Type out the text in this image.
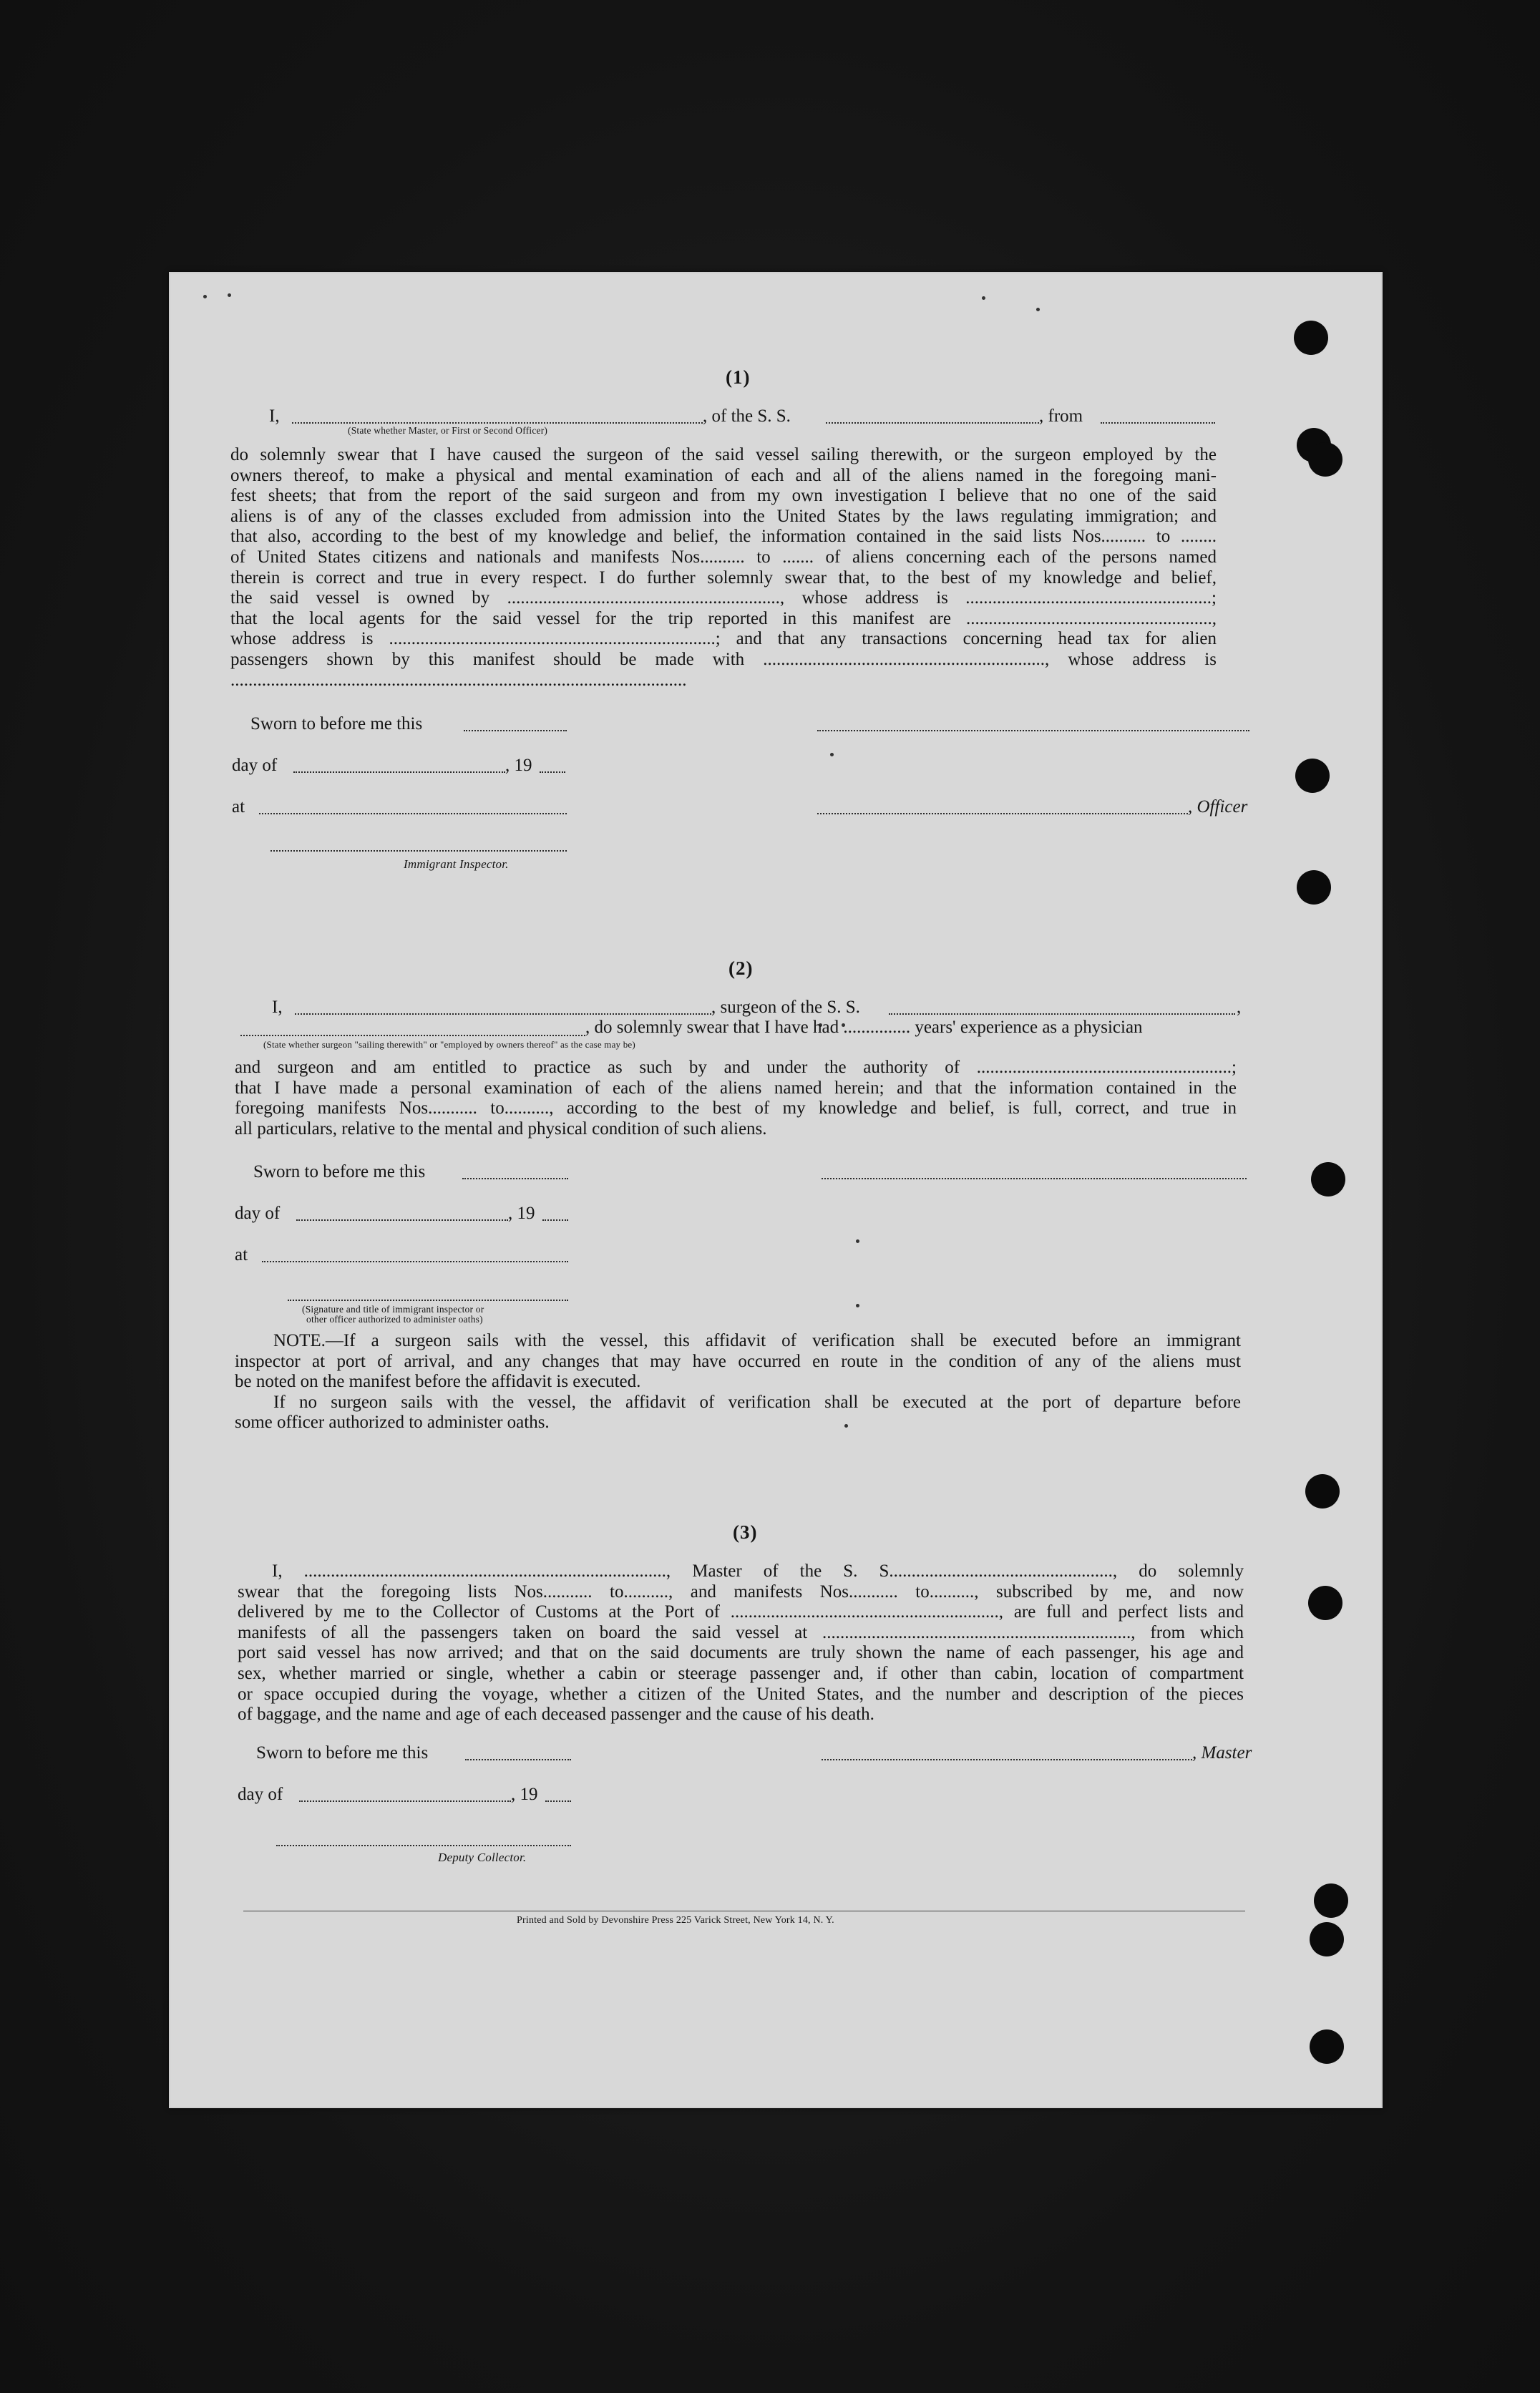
(1)
I,	, of the S. S.	, from
(State whether Master, or First or Second Officer)
do solemnly swear that I have caused the surgeon of the said vessel sailing therewith, or the surgeon employed by the
owners thereof, to make a physical and mental examination of each and all of the aliens named in the foregoing mani-
fest sheets; that from the report of the said surgeon and from my own investigation I believe that no one of the said
aliens is of any of the classes excluded from admission into the United States by the laws regulating immigration; and
that also, according to the best of my knowledge and belief, the information contained in the said lists Nos.......... to ........
of United States citizens and nationals and manifests Nos.......... to ....... of aliens concerning each of the persons named
therein is correct and true in every respect. I do further solemnly swear that, to the best of my knowledge and belief,
the said vessel is owned by ............................................................., whose address is .......................................................;
that the local agents for the said vessel for the trip reported in this manifest are .......................................................,
whose address is .........................................................................; and that any transactions concerning head tax for alien
passengers shown by this manifest should be made with ..............................................................., whose address is
......................................................................................................
Sworn to before me this
day of	, 19
at	, Officer
Immigrant Inspector.
(2)
I,	, surgeon of the S. S.	,
, do solemnly swear that I have had ............... years' experience as a physician
(State whether surgeon "sailing therewith" or "employed by owners thereof" as the case may be)
and surgeon and am entitled to practice as such by and under the authority of .........................................................;
that I have made a personal examination of each of the aliens named herein; and that the information contained in the
foregoing manifests Nos........... to.........., according to the best of my knowledge and belief, is full, correct, and true in
all particulars, relative to the mental and physical condition of such aliens.
Sworn to before me this
day of	, 19
at
(Signature and title of immigrant inspector or
other officer authorized to administer oaths)
NOTE.—If a surgeon sails with the vessel, this affidavit of verification shall be executed before an immigrant
inspector at port of arrival, and any changes that may have occurred en route in the condition of any of the aliens must
be noted on the manifest before the affidavit is executed.
If no surgeon sails with the vessel, the affidavit of verification shall be executed at the port of departure before
some officer authorized to administer oaths.
(3)
I, ................................................................................., Master of the S. S.................................................., do solemnly
swear that the foregoing lists Nos........... to.........., and manifests Nos........... to.........., subscribed by me, and now
delivered by me to the Collector of Customs at the Port of ............................................................, are full and perfect lists and
manifests of all the passengers taken on board the said vessel at ....................................................................., from which
port said vessel has now arrived; and that on the said documents are truly shown the name of each passenger, his age and
sex, whether married or single, whether a cabin or steerage passenger and, if other than cabin, location of compartment
or space occupied during the voyage, whether a citizen of the United States, and the number and description of the pieces
of baggage, and the name and age of each deceased passenger and the cause of his death.
Sworn to before me this	, Master
day of	, 19
Deputy Collector.
Printed and Sold by Devonshire Press 225 Varick Street, New York 14, N. Y.
